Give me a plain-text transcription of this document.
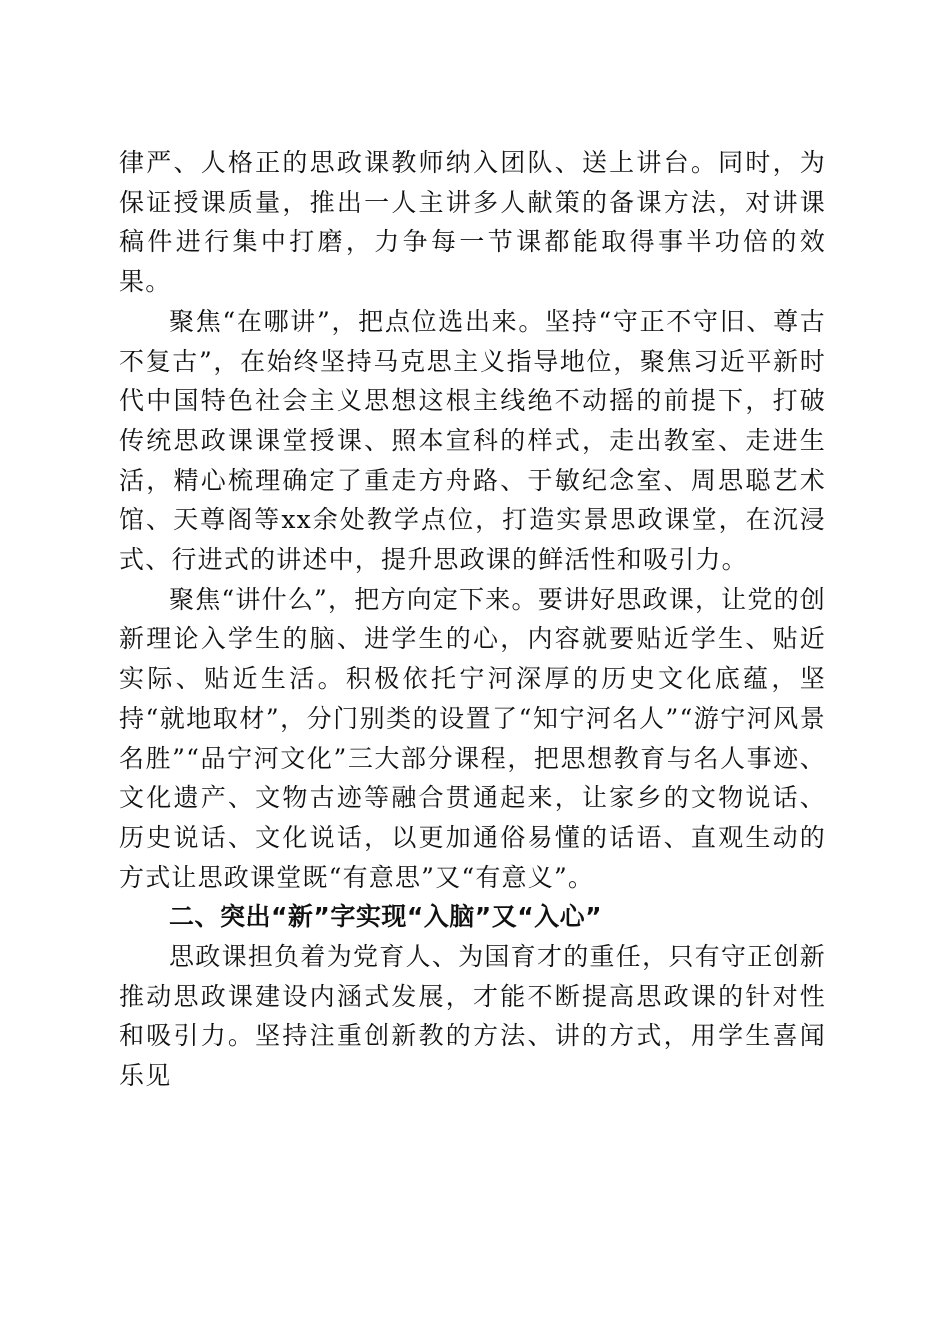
律严、人格正的思政课教师纳入团队、送上讲台。同时，为保证授课质量，推出一人主讲多人献策的备课方法，对讲课稿件进行集中打磨，力争每一节课都能取得事半功倍的效果。

聚焦“在哪讲”，把点位选出来。坚持“守正不守旧、尊古不复古”，在始终坚持马克思主义指导地位，聚焦习近平新时代中国特色社会主义思想这根主线绝不动摇的前提下，打破传统思政课课堂授课、照本宣科的样式，走出教室、走进生活，精心梳理确定了重走方舟路、于敏纪念室、周思聪艺术馆、天尊阁等xx余处教学点位，打造实景思政课堂，在沉浸式、行进式的讲述中，提升思政课的鲜活性和吸引力。

聚焦“讲什么”，把方向定下来。要讲好思政课，让党的创新理论入学生的脑、进学生的心，内容就要贴近学生、贴近实际、贴近生活。积极依托宁河深厚的历史文化底蕴，坚持“就地取材”，分门别类的设置了“知宁河名人”“游宁河风景名胜”“品宁河文化”三大部分课程，把思想教育与名人事迹、文化遗产、文物古迹等融合贯通起来，让家乡的文物说话、历史说话、文化说话，以更加通俗易懂的话语、直观生动的方式让思政课堂既“有意思”又“有意义”。

二、突出“新”字实现“入脑”又“入心”

思政课担负着为党育人、为国育才的重任，只有守正创新推动思政课建设内涵式发展，才能不断提高思政课的针对性和吸引力。坚持注重创新教的方法、讲的方式，用学生喜闻乐见
